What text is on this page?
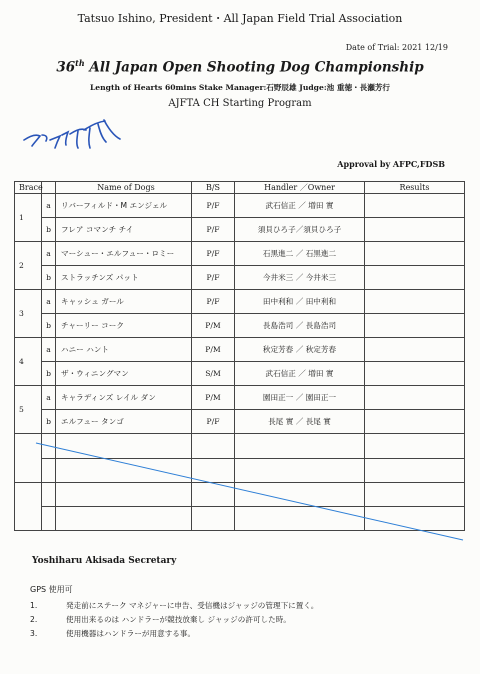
Tatsuo Ishino, President・All Japan Field Trial Association
Date of Trial: 2021 12/19
36th All Japan Open Shooting Dog Championship
Length of Hearts 60mins Stake Manager:石野辰雄 Judge:池 重徳・長瀬芳行
AJFTA CH Starting Program
Approval by AFPC,FDSB
Brace		Name of Dogs	B/S	Handler ／Owner	Results
1	a	リバーフィルド・M エンジェル	P/F	武石信正 ／ 増田 實	
	b	フレア コマンチ チイ	P/F	須貝ひろ子／須貝ひろ子	
2	a	マーシュー・エルフュー・ロミー	P/F	石黒進二 ／ 石黒進二	
	b	ストラッチンズ パット	P/F	今井米三 ／ 今井米三	
3	a	キャッシュ ガール	P/F	田中利和 ／ 田中利和	
	b	チャーリー コーク	P/M	長島浩司 ／ 長島浩司	
4	a	ハニー ハント	P/M	秋定芳春 ／ 秋定芳春	
	b	ザ・ウィニングマン	S/M	武石信正 ／ 増田 實	
5	a	キャラディンズ レイル ダン	P/M	園田正一 ／ 園田正一	
	b	エルフュー タンゴ	P/F	長尾 實 ／ 長尾 實	

Yoshiharu Akisada Secretary
GPS 使用可
1.	発走前にステーク マネジャーに申告、受信機はジャッジの管理下に置く。
2.	使用出来るのは ハンドラーが競技放棄し ジャッジの許可した時。
3.	使用機器はハンドラーが用意する事。
